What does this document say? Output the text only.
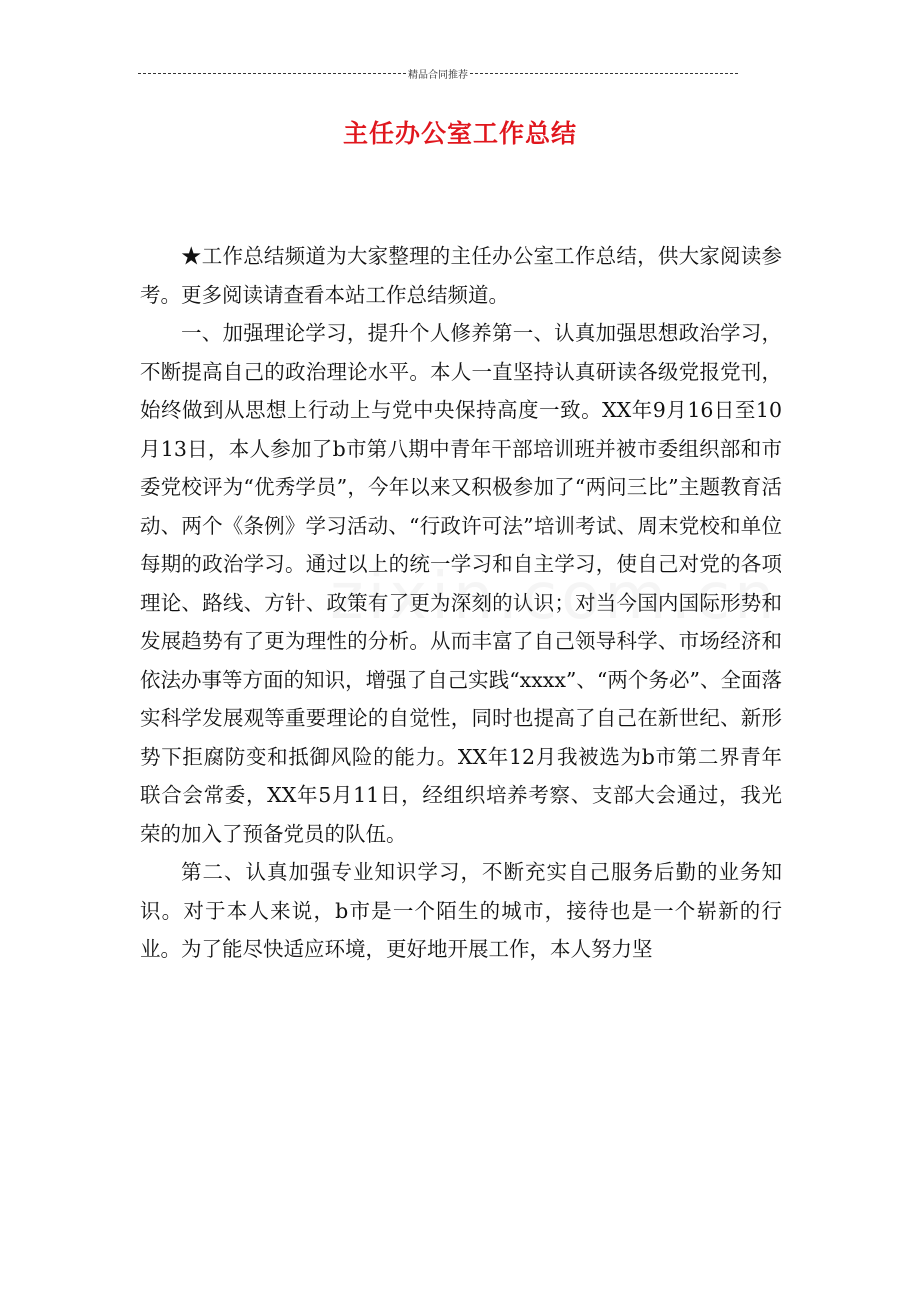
精品合同推荐
主任办公室工作总结

★工作总结频道为大家整理的主任办公室工作总结，供大家阅读参考。更多阅读请查看本站工作总结频道。

一、加强理论学习，提升个人修养第一、认真加强思想政治学习，不断提高自己的政治理论水平。本人一直坚持认真研读各级党报党刊，始终做到从思想上行动上与党中央保持高度一致。XX年9月16日至10月13日，本人参加了b市第八期中青年干部培训班并被市委组织部和市委党校评为“优秀学员”，今年以来又积极参加了“两问三比”主题教育活动、两个《条例》学习活动、“行政许可法”培训考试、周末党校和单位每期的政治学习。通过以上的统一学习和自主学习，使自己对党的各项理论、路线、方针、政策有了更为深刻的认识；对当今国内国际形势和发展趋势有了更为理性的分析。从而丰富了自己领导科学、市场经济和依法办事等方面的知识，增强了自己实践“xxxx”、“两个务必”、全面落实科学发展观等重要理论的自觉性，同时也提高了自己在新世纪、新形势下拒腐防变和抵御风险的能力。XX年12月我被选为b市第二界青年联合会常委，XX年5月11日，经组织培养考察、支部大会通过，我光荣的加入了预备党员的队伍。

第二、认真加强专业知识学习，不断充实自己服务后勤的业务知识。对于本人来说，b市是一个陌生的城市，接待也是一个崭新的行业。为了能尽快适应环境，更好地开展工作，本人努力坚
